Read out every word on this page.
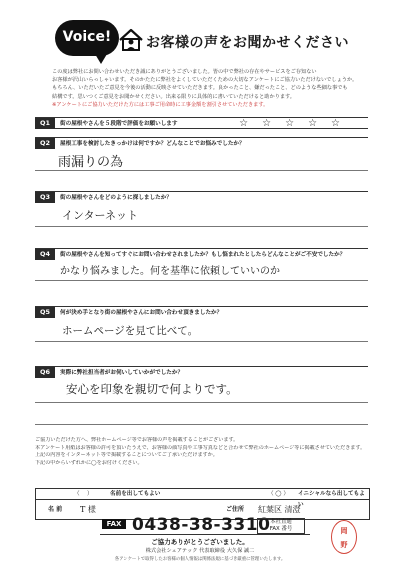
Voice!	お客様の声をお聞かせください
この度は弊社にお問い合わせいただき誠にありがとうございました。皆の中で弊社の存在やサービスをご存知ない
お客様が沢山いらっしゃいます。そのかたたに弊社をよくしていただくための大切なアンケートにご協力いただけないでしょうか。
もちろん、いただいたご意見を今後の活動に反映させていただきます。良かったこと、嫌だったこと、どのような些細な事でも
結構です。思いつくご意見をお聞かせください。出来る限りに具体的に書いていただけると助かります。
※アンケートにご協力いただけた方には工事ご用命時に工事金額を割引させていただきます。
Q1	街の屋根やさんを５段階で評価をお願いします	☆☆☆☆☆
Q2	屋根工事を検討したきっかけは何ですか？どんなことでお悩みでしたか？
雨漏りの為
Q3	街の屋根やさんをどのように探しましたか？
インターネット
Q4	街の屋根やさんを知ってすぐにお問い合わせされましたか？もし悩まれたとしたらどんなことがご不安でしたか？
かなり悩みました。何を基準に依頼していいのか
Q5	何が決め手となり街の屋根やさんにお問い合わせ頂きましたか？
ホームページを見て比べて。
Q6	実際に弊社担当者がお伺いしていかがでしたか？
安心を印象を親切で何よりです。
ご協力いただけた方へ、弊社ホームページ等でお客様の声を掲載することがございます。
本アンケート用紙はお客様の許可を頂いたうえで、お客様の顔写真や工事写真などと合わせて弊社のホームページ等に掲載させていただきます。
上記の内容をインターネット等で掲載することについてご了承いただけますか。
下記の中からいずれかに◯をお付けください。
（　 ）	名前を出してもよい	（ ◯ ） イニシャルなら出してもよい
名 前 T 様	ご住所 紅葉区 清澄
FAX 0438-38-3310 本社直通
FAX 番号
ご協力ありがとうございました。
株式会社シェアテック 代表取締役 大久保 誠二
各アンケートで取得したお客様の個人情報は関係法規に基づき厳重に管理いたします。
岡
野
